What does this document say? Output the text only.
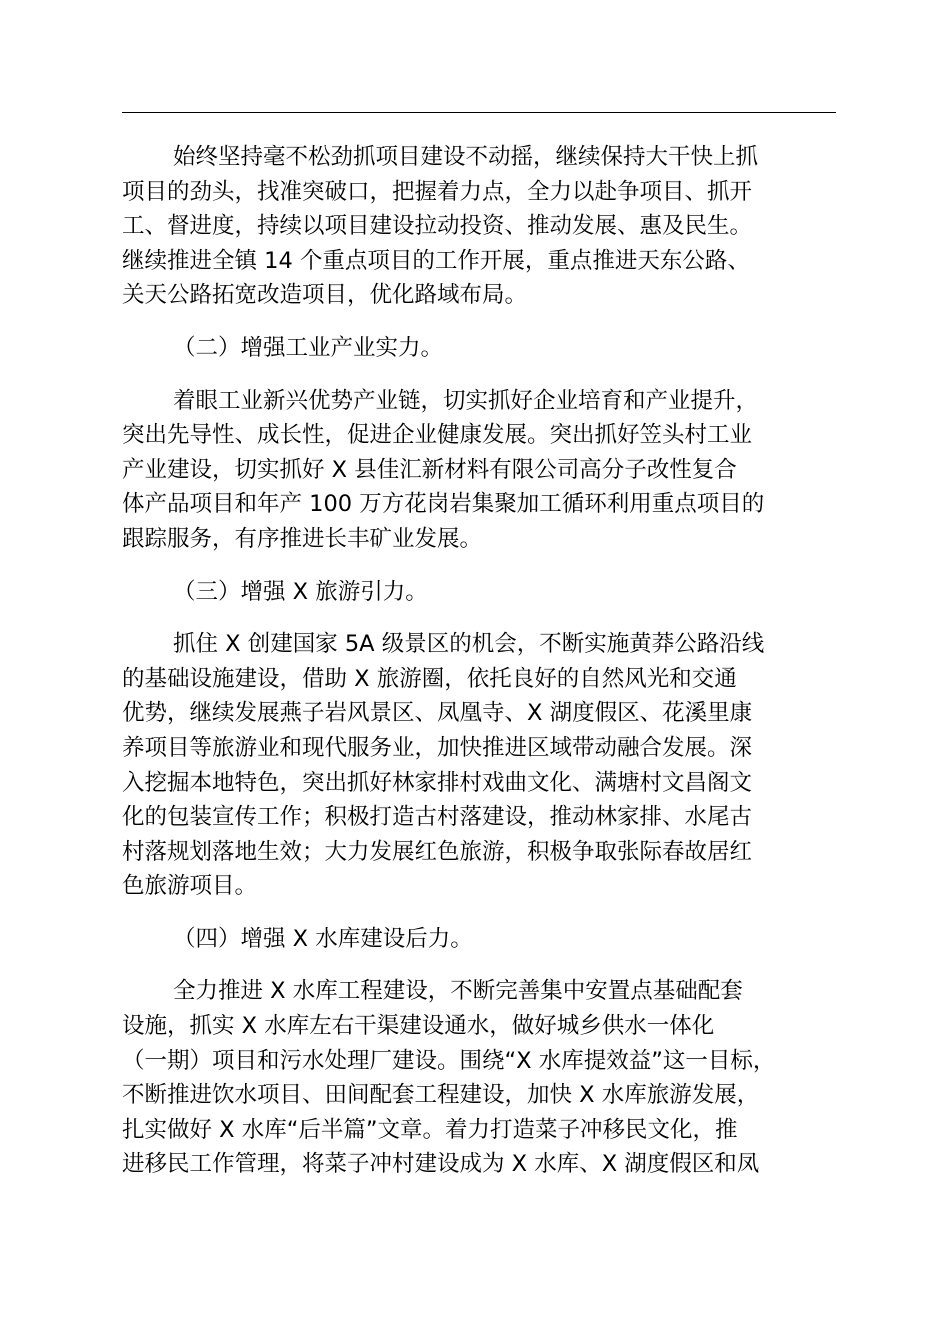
始终坚持毫不松劲抓项目建设不动摇，继续保持大干快上抓
项目的劲头，找准突破口，把握着力点，全力以赴争项目、抓开
工、督进度，持续以项目建设拉动投资、推动发展、惠及民生。
继续推进全镇 14 个重点项目的工作开展，重点推进天东公路、
关天公路拓宽改造项目，优化路域布局。
（二）增强工业产业实力。
着眼工业新兴优势产业链，切实抓好企业培育和产业提升，
突出先导性、成长性，促进企业健康发展。突出抓好笠头村工业
产业建设，切实抓好 X 县佳汇新材料有限公司高分子改性复合
体产品项目和年产 100 万方花岗岩集聚加工循环利用重点项目的
跟踪服务，有序推进长丰矿业发展。
（三）增强 X 旅游引力。
抓住 X 创建国家 5A 级景区的机会，不断实施黄莽公路沿线
的基础设施建设，借助 X 旅游圈，依托良好的自然风光和交通
优势，继续发展燕子岩风景区、凤凰寺、X 湖度假区、花溪里康
养项目等旅游业和现代服务业，加快推进区域带动融合发展。深
入挖掘本地特色，突出抓好林家排村戏曲文化、满塘村文昌阁文
化的包装宣传工作；积极打造古村落建设，推动林家排、水尾古
村落规划落地生效；大力发展红色旅游，积极争取张际春故居红
色旅游项目。
（四）增强 X 水库建设后力。
全力推进 X 水库工程建设，不断完善集中安置点基础配套
设施，抓实 X 水库左右干渠建设通水，做好城乡供水一体化
（一期）项目和污水处理厂建设。围绕“X 水库提效益”这一目标，
不断推进饮水项目、田间配套工程建设，加快 X 水库旅游发展，
扎实做好 X 水库“后半篇”文章。着力打造菜子冲移民文化，推
进移民工作管理，将菜子冲村建设成为 X 水库、X 湖度假区和凤
